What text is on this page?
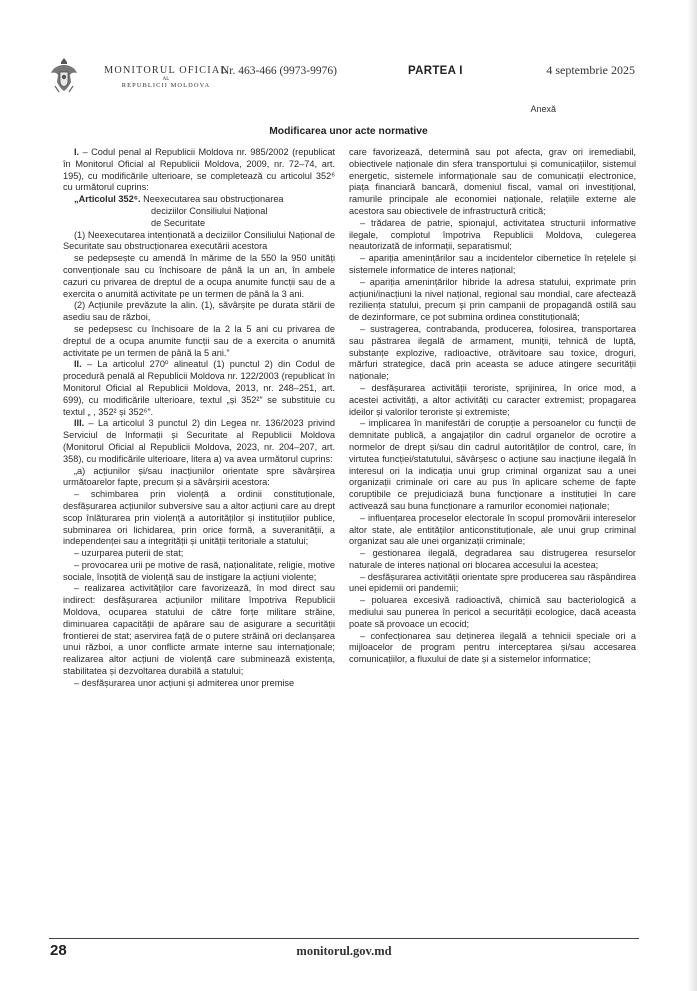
MONITORUL OFICIAL
AL
REPUBLICII MOLDOVA
Nr. 463-466 (9973-9976)	PARTEA I	4 septembrie 2025
Anexă
Modificarea unor acte normative

I. – Codul penal al Republicii Moldova nr. 985/2002 (republicat în Monitorul Oficial al Republicii Moldova, 2009, nr. 72–74, art. 195), cu modificările ulterioare, se completează cu articolul 352⁶ cu următorul cuprins:

„Articolul 352⁶. Neexecutarea sau obstrucționarea

deciziilor Consiliului Național

de Securitate

(1) Neexecutarea intenționată a deciziilor Consiliului Național de Securitate sau obstrucționarea executării acestora

se pedepsește cu amendă în mărime de la 550 la 950 unități convenționale sau cu închisoare de până la un an, în ambele cazuri cu privarea de dreptul de a ocupa anumite funcții sau de a exercita o anumită activitate pe un termen de până la 3 ani.

(2) Acțiunile prevăzute la alin. (1), săvârșite pe durata stării de asediu sau de război,

se pedepsesc cu închisoare de la 2 la 5 ani cu privarea de dreptul de a ocupa anumite funcții sau de a exercita o anumită activitate pe un termen de până la 5 ani.”

II. – La articolul 270⁰ alineatul (1) punctul 2) din Codul de procedură penală al Republicii Moldova nr. 122/2003 (republicat în Monitorul Oficial al Republicii Moldova, 2013, nr. 248–251, art. 699), cu modificările ulterioare, textul „și 352²” se substituie cu textul „ , 352² și 352⁶”.

III. – La articolul 3 punctul 2) din Legea nr. 136/2023 privind Serviciul de Informații și Securitate al Republicii Moldova (Monitorul Oficial al Republicii Moldova, 2023, nr. 204–207, art. 358), cu modificările ulterioare, litera a) va avea următorul cuprins:

„a) acțiunilor și/sau inacțiunilor orientate spre săvârșirea următoarelor fapte, precum și a săvârșirii acestora:

– schimbarea prin violență a ordinii constituționale, desfășurarea acțiunilor subversive sau a altor acțiuni care au drept scop înlăturarea prin violență a autorităților și instituțiilor publice, subminarea ori lichidarea, prin orice formă, a suveranității, a independenței sau a integrității și unității teritoriale a statului;

– uzurparea puterii de stat;

– provocarea urii pe motive de rasă, naționalitate, religie, motive sociale, însoțită de violență sau de instigare la acțiuni violente;

– realizarea activităților care favorizează, în mod direct sau indirect: desfășurarea acțiunilor militare împotriva Republicii Moldova, ocuparea statului de către forțe militare străine, diminuarea capacității de apărare sau de asigurare a securității frontierei de stat; aservirea față de o putere străină ori declanșarea unui război, a unor conflicte armate interne sau internaționale; realizarea altor acțiuni de violență care subminează existența, stabilitatea și dezvoltarea durabilă a statului;

– desfășurarea unor acțiuni și admiterea unor premise

care favorizează, determină sau pot afecta, grav ori iremediabil, obiectivele naționale din sfera transportului și comunicațiilor, sistemul energetic, sistemele informaționale sau de comunicații electronice, piața financiară bancară, domeniul fiscal, vamal ori investițional, ramurile principale ale economiei naționale, relațiile externe ale acestora sau obiectivele de infrastructură critică;

– trădarea de patrie, spionajul, activitatea structurii informative ilegale, complotul împotriva Republicii Moldova, culegerea neautorizată de informații, separatismul;

– apariția amenințărilor sau a incidentelor cibernetice în rețelele și sistemele informatice de interes național;

– apariția amenințărilor hibride la adresa statului, exprimate prin acțiuni/inacțiuni la nivel național, regional sau mondial, care afectează reziliența statului, precum și prin campanii de propagandă ostilă sau de dezinformare, ce pot submina ordinea constituțională;

– sustragerea, contrabanda, producerea, folosirea, transportarea sau păstrarea ilegală de armament, muniții, tehnică de luptă, substanțe explozive, radioactive, otrăvitoare sau toxice, droguri, mărfuri strategice, dacă prin aceasta se aduce atingere securității naționale;

– desfășurarea activității teroriste, sprijinirea, în orice mod, a acestei activități, a altor activități cu caracter extremist; propagarea ideilor și valorilor teroriste și extremiste;

– implicarea în manifestări de corupție a persoanelor cu funcții de demnitate publică, a angajaților din cadrul organelor de ocrotire a normelor de drept și/sau din cadrul autorităților de control, care, în virtutea funcției/statutului, săvârșesc o acțiune sau inacțiune ilegală în interesul ori la indicația unui grup criminal organizat sau a unei organizații criminale ori care au pus în aplicare scheme de fapte coruptibile ce prejudiciază buna funcționare a instituției în care activează sau buna funcționare a ramurilor economiei naționale;

– influențarea proceselor electorale în scopul promovării intereselor altor state, ale entităților anticonstituționale, ale unui grup criminal organizat sau ale unei organizații criminale;

– gestionarea ilegală, degradarea sau distrugerea resurselor naturale de interes național ori blocarea accesului la acestea;

– desfășurarea activității orientate spre producerea sau răspândirea unei epidemii ori pandemii;

– poluarea excesivă radioactivă, chimică sau bacteriologică a mediului sau punerea în pericol a securității ecologice, dacă aceasta poate să provoace un ecocid;

– confecționarea sau deținerea ilegală a tehnicii speciale ori a mijloacelor de program pentru interceptarea și/sau accesarea comunicațiilor, a fluxului de date și a sistemelor informatice;

28	monitorul.gov.md
